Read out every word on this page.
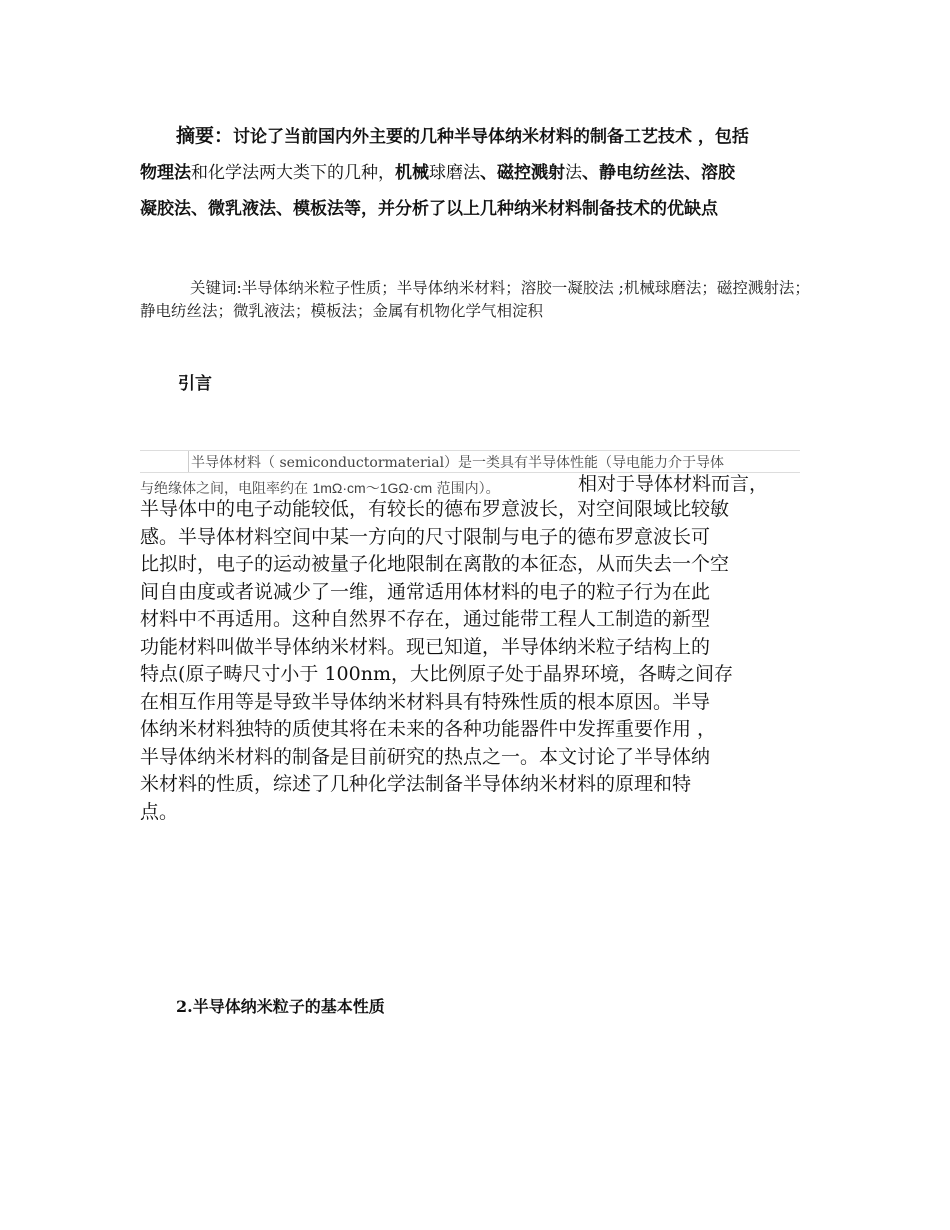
摘要：讨论了当前国内外主要的几种半导体纳米材料的制备工艺技术 ，包括
物理法和化学法两大类下的几种，机械球磨法、磁控溅射法、静电纺丝法、溶胶
凝胶法、微乳液法、模板法等，并分析了以上几种纳米材料制备技术的优缺点

关键词:半导体纳米粒子性质；半导体纳米材料；溶胶一凝胶法 ;机械球磨法；磁控溅射法；静电纺丝法；微乳液法；模板法；金属有机物化学气相淀积

引言
半导体材料（ semiconductormaterial）是一类具有半导体性能（导电能力介于导体
与绝缘体之间，电阻率约在 1mΩ·cm～1GΩ·cm 范围内）。	相对于导体材料而言，

半导体中的电子动能较低，有较长的德布罗意波长，对空间限域比较敏
感。半导体材料空间中某一方向的尺寸限制与电子的德布罗意波长可
比拟时，电子的运动被量子化地限制在离散的本征态，从而失去一个空
间自由度或者说减少了一维，通常适用体材料的电子的粒子行为在此
材料中不再适用。这种自然界不存在，通过能带工程人工制造的新型
功能材料叫做半导体纳米材料。现已知道，半导体纳米粒子结构上的
特点(原子畴尺寸小于 100nm，大比例原子处于晶界环境，各畴之间存
在相互作用等是导致半导体纳米材料具有特殊性质的根本原因。半导
体纳米材料独特的质使其将在未来的各种功能器件中发挥重要作用 ，
半导体纳米材料的制备是目前研究的热点之一。本文讨论了半导体纳
米材料的性质，综述了几种化学法制备半导体纳米材料的原理和特
点。

2.半导体纳米粒子的基本性质
